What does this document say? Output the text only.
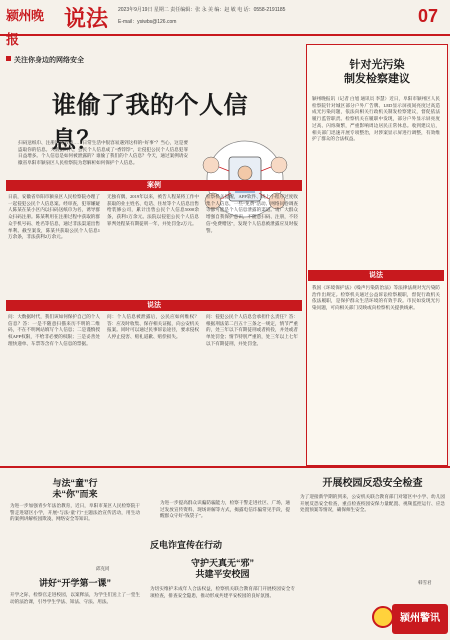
颍州晚报
说法 2023年9月19日 星期二 责任编辑：张 永 美 编：赵 敏 电 话：0558-2191185
E-mail：ysiwbs@126.com	07
关注你身边的网络安全
谁偷了我的个人信息？
扫码送纸巾、注册送洗衣液……日常生活中很容易遇到这样的“好事”？当心，这是要盗取你的信息。大数据时代，公民个人信息成了“香饽饽”，让侵犯公民个人信息犯罪日益增多。个人信息是如何被泄露的？谁偷了我们的个人信息？今天，通过案例请安徽省阜阳市颍泉区人民检察院为您解析如何保护个人信息。
案例
日前，安徽省阜阳市颍泉区人民检察院办理了一起侵犯公民个人信息案。经审查，犯罪嫌疑人陈某在某小区内以扫码送纸巾为名，诱导群众扫码注册。陈某利用在注册过程中获取的群众手机号码、姓名等信息，通过非法渠道出售牟利。截至案发，陈某共获取公民个人信息1万余条，非法获利2万余元。
无独有偶，2019年以来，被告人程某将工作中获取的业主姓名、电话、住址等个人信息出售给装修公司，累计出售公民个人信息5000余条，获利1万余元。法院以侵犯公民个人信息罪判处程某有期徒刑一年，并处罚金2万元。
检察机关提醒，APP软件、线上小程序过度收集个人信息，一些“免费”活动、网络问卷调查等都可能是个人信息泄露的渠道。请广大群众增强自我保护意识，不随意扫码、注册，不轻信“免费赠送”，发现个人信息被泄露应及时报警。
说法
问：大数据时代，我们该如何保护自己的个人信息？答：一是不随意扫描来历不明的二维码，不在不明网站填写个人信息；二是谨慎授权APP权限，不给非必要的权限；三是妥善处理快递单、车票等含有个人信息的票据。
问：个人信息被泄露后，公民应如何维权？答：应及时收集、保存相关证据，向公安机关报案。同时可以通过民事诉讼途径，要求侵权人停止侵害、赔礼道歉、赔偿损失。
问：侵犯公民个人信息会承担什么责任？答：根据刑法第二百五十三条之一规定，情节严重的，处三年以下有期徒刑或者拘役，并处或者单处罚金；情节特别严重的，处三年以上七年以下有期徒刑，并处罚金。
针对光污染
制发检察建议
颍州晚报讯（记者 白旭 通讯员 李慧）近日，阜阳市颍州区人民检察院针对城区部分户外广告牌、LED显示屏夜间亮度过高造成光污染问题，依法向相关行政机关制发检察建议，督促依法履行监管职责。检察机关在履职中发现，部分户外显示屏亮度过高、闪烁频繁，严重影响周边居民正常休息。收到建议后，相关部门迅速开展专项整治，对涉案显示屏进行调整，有效维护了群众的合法权益。
说法
我国《环境保护法》《噪声污染防治法》等法律法规对光污染防治作出规定。检察机关通过公益诉讼检察履职，督促行政机关依法履职，是保护群众生活环境的有效手段。市民如发现光污染问题，可向相关部门反映或向检察机关提供线索。
与法“童”行
未“你”而来
为进一步加强青少年法治教育，近日，阜阳市某区人民检察院干警走进辖区小学，开展“与法‘童’行”主题法治宣传活动，用生动的案例讲解校园欺凌、网络安全等知识。
邱克同
讲好“开学第一课”
开学之际，检察官走进校园，以案释法，为学生们送上了一堂生动的法治课，引导学生学法、知法、守法、用法。
守护天真无“邪”
共建平安校园
为切实维护未成年人合法权益，检察机关联合教育部门开展校园安全专项检查，排查安全隐患，推动形成共建平安校园的良好氛围。
反电诈宣传在行动
开展校园反恐安全检查
为了迎接新学期的到来，公安机关联合教育部门对辖区中小学、幼儿园开展反恐安全检查，重点检查校园安保力量配置、视频监控运行、应急处置预案等情况，确保师生安全。
为进一步提高群众识骗防骗能力，检察干警走进社区、广场，通过发放宣传资料、现场讲解等方式，揭露电信诈骗常见手段，提醒群众守好“钱袋子”。
韩雪君
颍州警讯
